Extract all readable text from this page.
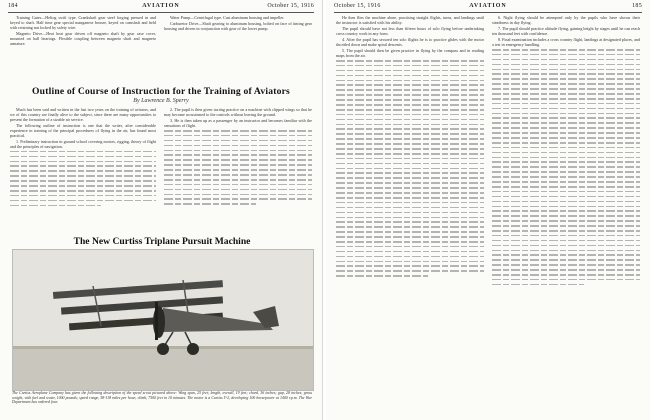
184	AVIATION	October 15, 1916

Training Gates—Heliog swift type. Crankshaft gear steel forging pressed in and keyed to shaft. Half time gear special manganese bronze, keyed on camshaft and held with retaining nut locked by safety wire.

Magneto Drive—Heat heat gear driven off magneto shaft by gear case cover, mounted on ball bearings. Flexible coupling between magneto shaft and magneto armature.

Water Pump—Centrifugal type. Cast aluminum housing and impeller.

Carburetor Drive—Shaft gearing to aluminum housing, bolted on face of timing gear housing and driven in conjunction with gear of the lower pump.

Outline of Course of Instruction for the Training of Aviators
By Lawrence B. Sperry

Much has been said and written in the last two years on the training of aviators, and we of this country are finally alive to the subject, since there are many opportunities to present the formation of a sizable air service.

The following outline of instruction is one that the writer, after considerable experience in training of the principal procedures of flying in the air, has found most practical.

1. Preliminary instruction in ground school covering motors, rigging, theory of flight and the principles of navigation.

2. The pupil is then given taxiing practice on a machine with clipped wings so that he may become accustomed to the controls without leaving the ground.

3. He is then taken up as a passenger by an instructor and becomes familiar with the sensations of flight.

The New Curtiss Triplane Pursuit Machine
The Curtiss Aeroplane Company has given the following description of the speed scout pictured above: Wing span, 25 feet; length, overall, 19 feet; chord, 36 inches; gap, 28 inches; gross weight, with fuel and water, 1000 pounds; speed range, 58-118 miles per hour; climb, 7500 feet in 10 minutes. The motor is a Curtiss V-2, developing 100 horsepower at 1400 r.p.m. The War Department has ordered four.
October 15, 1916	AVIATION	185

He then flies the machine alone, practising straight flights, turns, and landings until the instructor is satisfied with his ability.

The pupil should have not less than fifteen hours of solo flying before undertaking cross country work in any form.

4. After the pupil has secured ten solo flights he is to practice glides with the motor throttled down and make spiral descents.

5. The pupil should then be given practice in flying by the compass and in reading maps from the air.

6. Night flying should be attempted only by the pupils who have shown their steadiness in day flying.

7. The pupil should practice altitude flying, gaining height by stages until he can reach ten thousand feet with confidence.

8. Final examination includes a cross country flight, landings at designated places, and a test in emergency handling.
